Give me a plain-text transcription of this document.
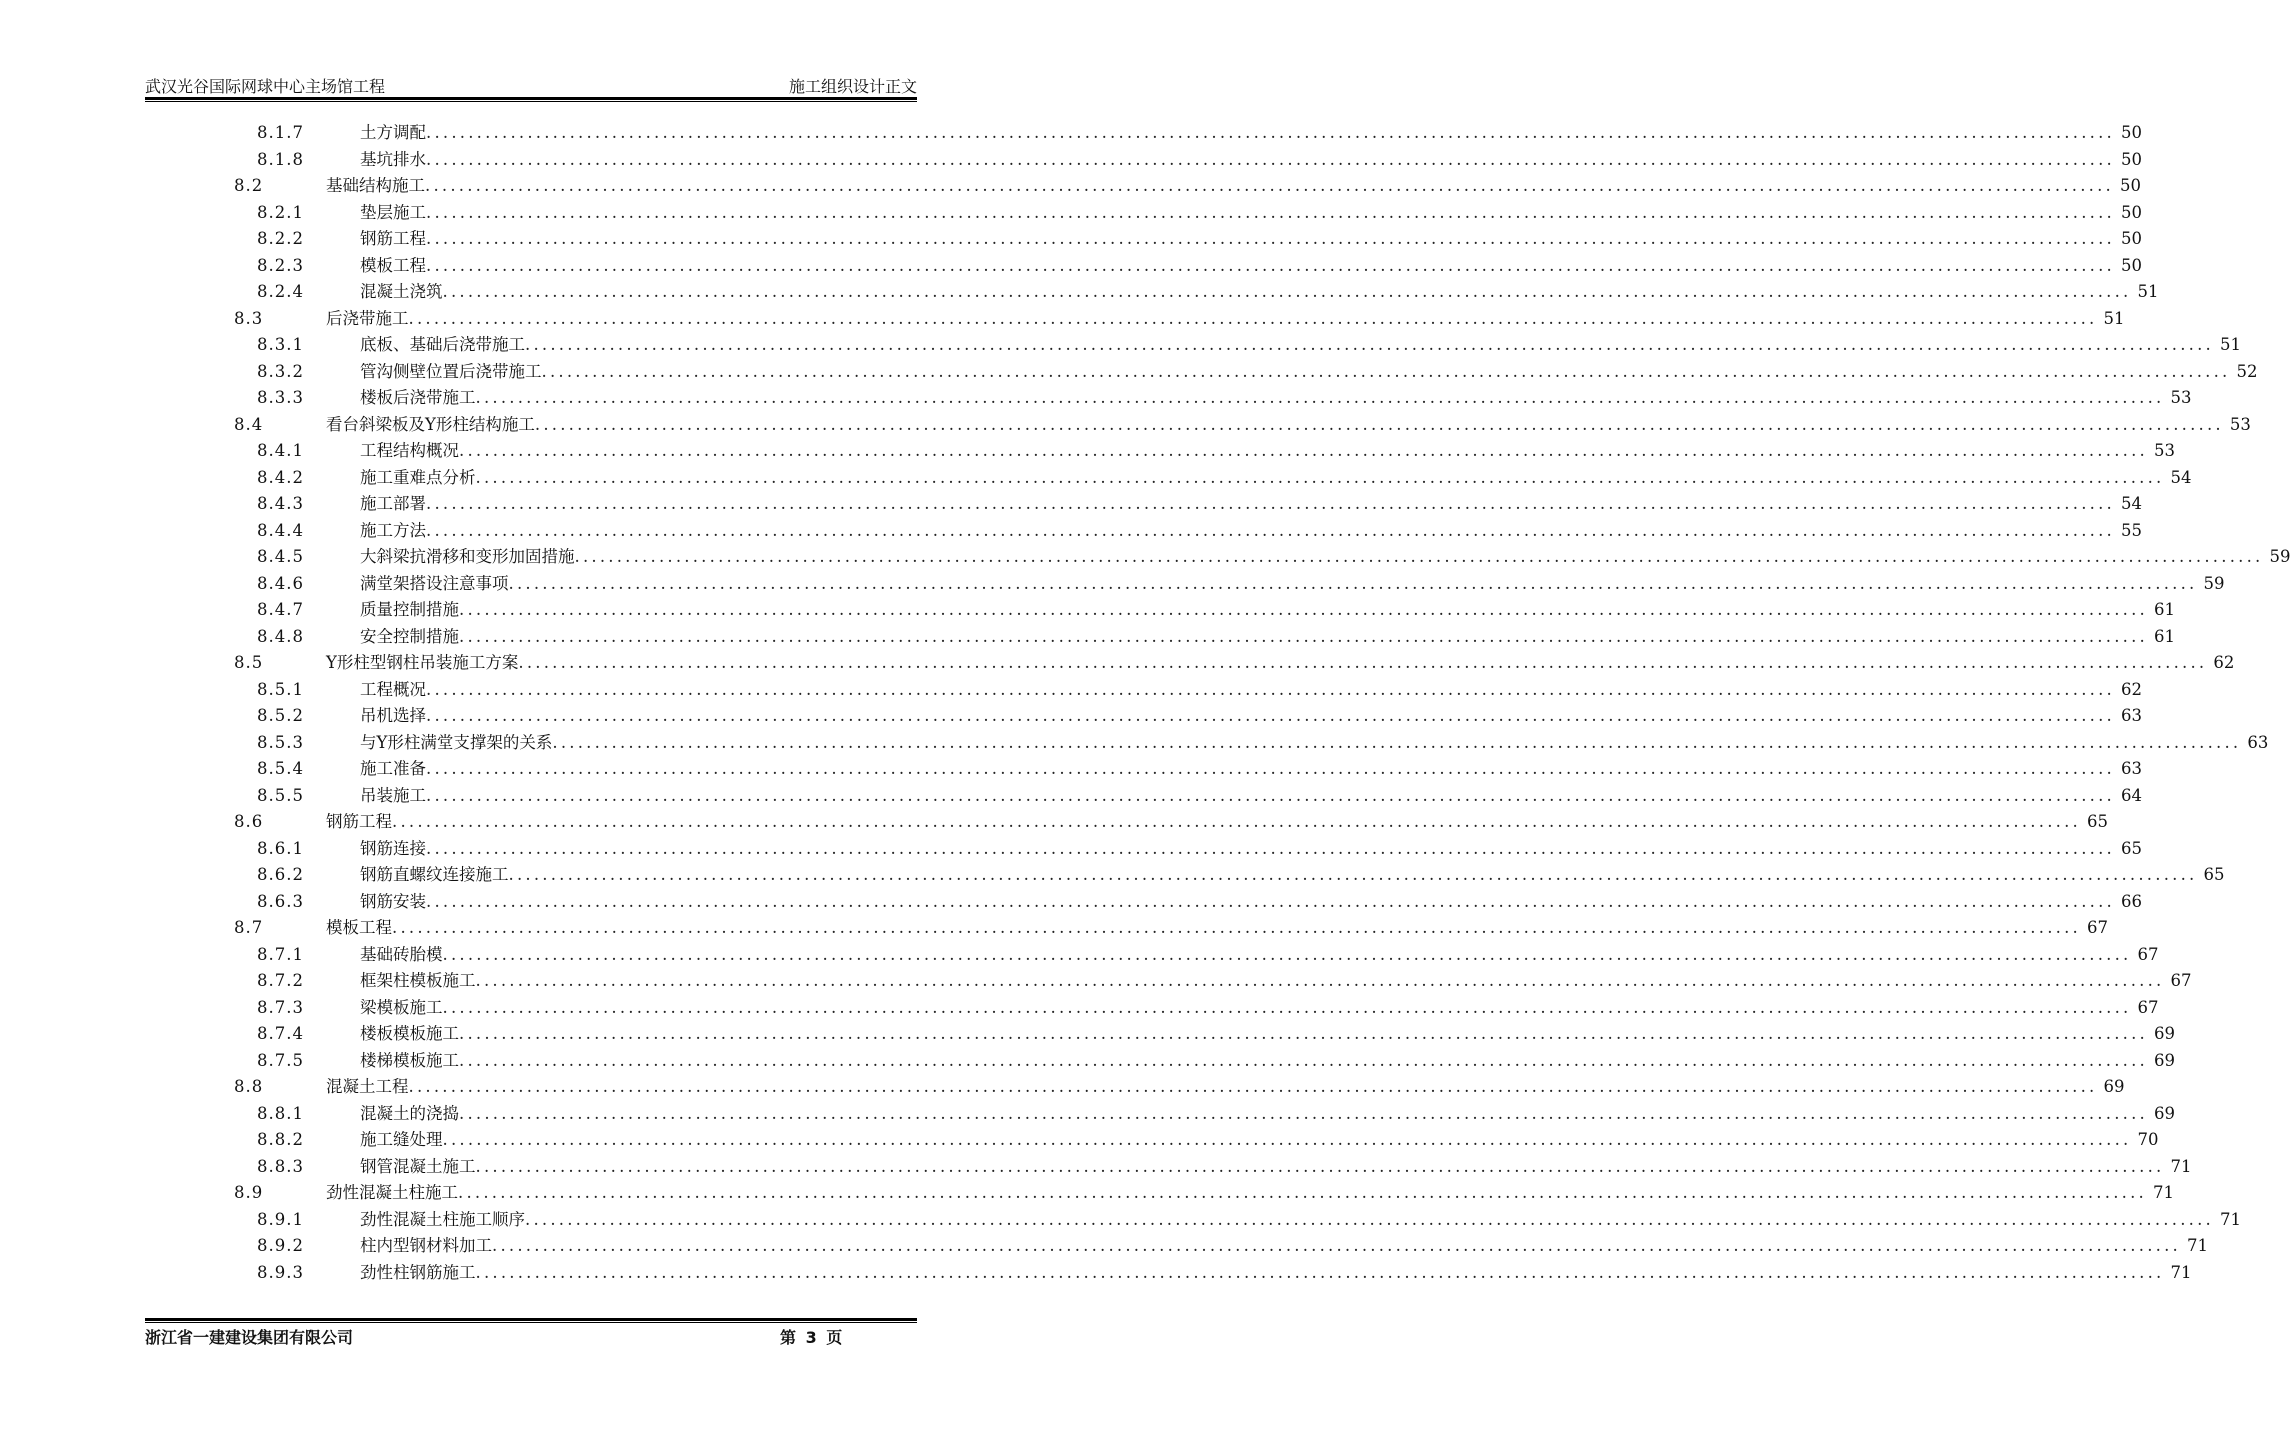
武汉光谷国际网球中心主场馆工程	施工组织设计正文
8.1.7	土方调配 ........................................................................................................................................................................................................ 50
8.1.8	基坑排水 ........................................................................................................................................................................................................ 50
8.2	基础结构施工 ........................................................................................................................................................................................................ 50
8.2.1	垫层施工 ........................................................................................................................................................................................................ 50
8.2.2	钢筋工程 ........................................................................................................................................................................................................ 50
8.2.3	模板工程 ........................................................................................................................................................................................................ 50
8.2.4	混凝土浇筑 ........................................................................................................................................................................................................ 51
8.3	后浇带施工 ........................................................................................................................................................................................................ 51
8.3.1	底板、基础后浇带施工 ........................................................................................................................................................................................................ 51
8.3.2	管沟侧壁位置后浇带施工 ........................................................................................................................................................................................................ 52
8.3.3	楼板后浇带施工 ........................................................................................................................................................................................................ 53
8.4	看台斜梁板及Y形柱结构施工 ........................................................................................................................................................................................................ 53
8.4.1	工程结构概况 ........................................................................................................................................................................................................ 53
8.4.2	施工重难点分析 ........................................................................................................................................................................................................ 54
8.4.3	施工部署 ........................................................................................................................................................................................................ 54
8.4.4	施工方法 ........................................................................................................................................................................................................ 55
8.4.5	大斜梁抗滑移和变形加固措施 ........................................................................................................................................................................................................ 59
8.4.6	满堂架搭设注意事项 ........................................................................................................................................................................................................ 59
8.4.7	质量控制措施 ........................................................................................................................................................................................................ 61
8.4.8	安全控制措施 ........................................................................................................................................................................................................ 61
8.5	Y形柱型钢柱吊装施工方案 ........................................................................................................................................................................................................ 62
8.5.1	工程概况 ........................................................................................................................................................................................................ 62
8.5.2	吊机选择 ........................................................................................................................................................................................................ 63
8.5.3	与Y形柱满堂支撑架的关系 ........................................................................................................................................................................................................ 63
8.5.4	施工准备 ........................................................................................................................................................................................................ 63
8.5.5	吊装施工 ........................................................................................................................................................................................................ 64
8.6	钢筋工程 ........................................................................................................................................................................................................ 65
8.6.1	钢筋连接 ........................................................................................................................................................................................................ 65
8.6.2	钢筋直螺纹连接施工 ........................................................................................................................................................................................................ 65
8.6.3	钢筋安装 ........................................................................................................................................................................................................ 66
8.7	模板工程 ........................................................................................................................................................................................................ 67
8.7.1	基础砖胎模 ........................................................................................................................................................................................................ 67
8.7.2	框架柱模板施工 ........................................................................................................................................................................................................ 67
8.7.3	梁模板施工 ........................................................................................................................................................................................................ 67
8.7.4	楼板模板施工 ........................................................................................................................................................................................................ 69
8.7.5	楼梯模板施工 ........................................................................................................................................................................................................ 69
8.8	混凝土工程 ........................................................................................................................................................................................................ 69
8.8.1	混凝土的浇捣 ........................................................................................................................................................................................................ 69
8.8.2	施工缝处理 ........................................................................................................................................................................................................ 70
8.8.3	钢管混凝土施工 ........................................................................................................................................................................................................ 71
8.9	劲性混凝土柱施工 ........................................................................................................................................................................................................ 71
8.9.1	劲性混凝土柱施工顺序 ........................................................................................................................................................................................................ 71
8.9.2	柱内型钢材料加工 ........................................................................................................................................................................................................ 71
8.9.3	劲性柱钢筋施工 ........................................................................................................................................................................................................ 71
浙江省一建建设集团有限公司	第 3 页
